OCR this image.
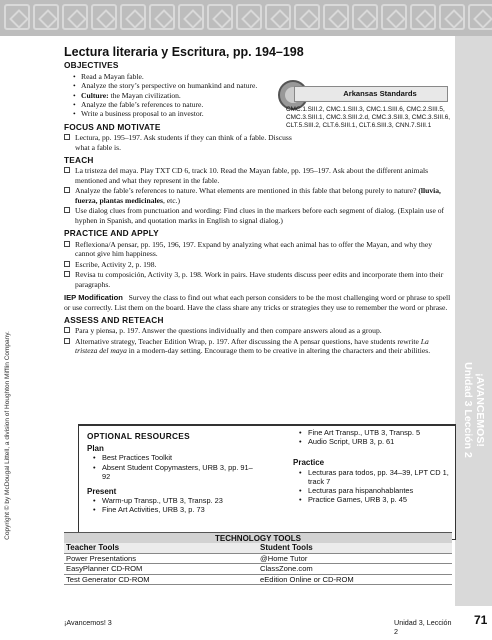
¡AVANCEMOS!
Unidad 3 Lección 2
Copyright © by McDougal Littell, a division of Houghton Mifflin Company.
Arkansas Standards
CMC.1.SIII.2, CMC.1.SIII.3, CMC.1.SIII.6, CMC.2.SIII.5, CMC.3.SIII.1, CMC.3.SIII.2.d, CMC.3.SIII.3, CMC.3.SIII.6, CLT.5.SIII.2, CLT.6.SIII.1, CLT.6.SIII.3, CNN.7.SIII.1
Lectura literaria y Escritura, pp. 194–198
OBJECTIVES
• Read a Mayan fable.
• Analyze the story’s perspective on humankind and nature.
• Culture: the Mayan civilization.
• Analyze the fable’s references to nature.
• Write a business proposal to an investor.
FOCUS AND MOTIVATE
Lectura, pp. 195–197. Ask students if they can think of a fable. Discuss what a fable is.
TEACH
La tristeza del maya. Play TXT CD 6, track 10. Read the Mayan fable, pp. 195–197. Ask about the different animals mentioned and what they represent in the fable.
Analyze the fable’s references to nature. What elements are mentioned in this fable that belong purely to nature? (lluvia, fuerza, plantas medicinales, etc.)
Use dialog clues from punctuation and wording: Find clues in the markers before each segment of dialog. (Explain use of hyphen in Spanish, and quotation marks in English to signal dialog.)
PRACTICE AND APPLY
Reflexiona/A pensar, pp. 195, 196, 197. Expand by analyzing what each animal has to offer the Mayan, and why they cannot give him happiness.
Escribe, Activity 2, p. 198.
Revisa tu composición, Activity 3, p. 198. Work in pairs. Have students discuss peer edits and incorporate them into their paragraphs.

IEP Modification Survey the class to find out what each person considers to be the most challenging word or phrase to spell or use correctly. List them on the board. Have the class share any tricks or strategies they use to remember the word or phrase.

ASSESS AND RETEACH
Para y piensa, p. 197. Answer the questions individually and then compare answers aloud as a group.
Alternative strategy, Teacher Edition Wrap, p. 197. After discussing the A pensar questions, have students rewrite La tristeza del maya in a modern-day setting. Encourage them to be creative in altering the characters and their abilities.
OPTIONAL RESOURCES
Plan
• Best Practices Toolkit
• Absent Student Copymasters, URB 3, pp. 91–92
Present
• Warm-up Transp., UTB 3, Transp. 23
• Fine Art Activities, URB 3, p. 73
• Fine Art Transp., UTB 3, Transp. 5
• Audio Script, URB 3, p. 61
Practice
• Lecturas para todos, pp. 34–39, LPT CD 1, track 7
• Lecturas para hispanohablantes
• Practice Games, URB 3, p. 45
TECHNOLOGY TOOLS
Teacher Tools	Student Tools
Power Presentations	@Home Tutor
EasyPlanner CD-ROM	ClassZone.com
Test Generator CD-ROM	eEdition Online or CD-ROM
¡Avancemos! 3	Unidad 3, Lección 2
71
